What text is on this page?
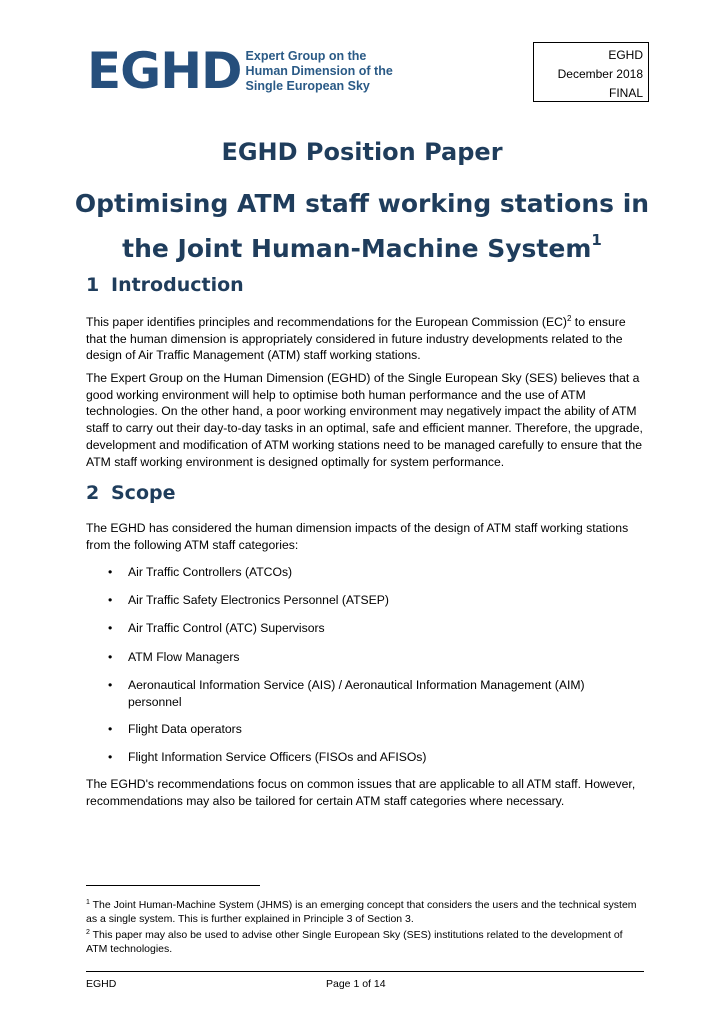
EGHD Expert Group on the
Human Dimension of the
Single European Sky
EGHD
December 2018
FINAL
EGHD Position Paper
Optimising ATM staff working stations in
the Joint Human-Machine System$^1$
1 Introduction
This paper identifies principles and recommendations for the European Commission (EC)$^2$ to ensure that the human dimension is appropriately considered in future industry developments related to the design of Air Traffic Management (ATM) staff working stations.
The Expert Group on the Human Dimension (EGHD) of the Single European Sky (SES) believes that a good working environment will help to optimise both human performance and the use of ATM technologies. On the other hand, a poor working environment may negatively impact the ability of ATM staff to carry out their day-to-day tasks in an optimal, safe and efficient manner. Therefore, the upgrade, development and modification of ATM working stations need to be managed carefully to ensure that the ATM staff working environment is designed optimally for system performance.
2 Scope
The EGHD has considered the human dimension impacts of the design of ATM staff working stations from the following ATM staff categories:
• Air Traffic Controllers (ATCOs)
• Air Traffic Safety Electronics Personnel (ATSEP)
• Air Traffic Control (ATC) Supervisors
• ATM Flow Managers
• Aeronautical Information Service (AIS) / Aeronautical Information Management (AIM) personnel
• Flight Data operators
• Flight Information Service Officers (FISOs and AFISOs)
The EGHD's recommendations focus on common issues that are applicable to all ATM staff. However, recommendations may also be tailored for certain ATM staff categories where necessary.
$^1$ The Joint Human-Machine System (JHMS) is an emerging concept that considers the users and the technical system as a single system. This is further explained in Principle 3 of Section 3.
$^2$ This paper may also be used to advise other Single European Sky (SES) institutions related to the development of ATM technologies.
EGHD	Page 1 of 14
